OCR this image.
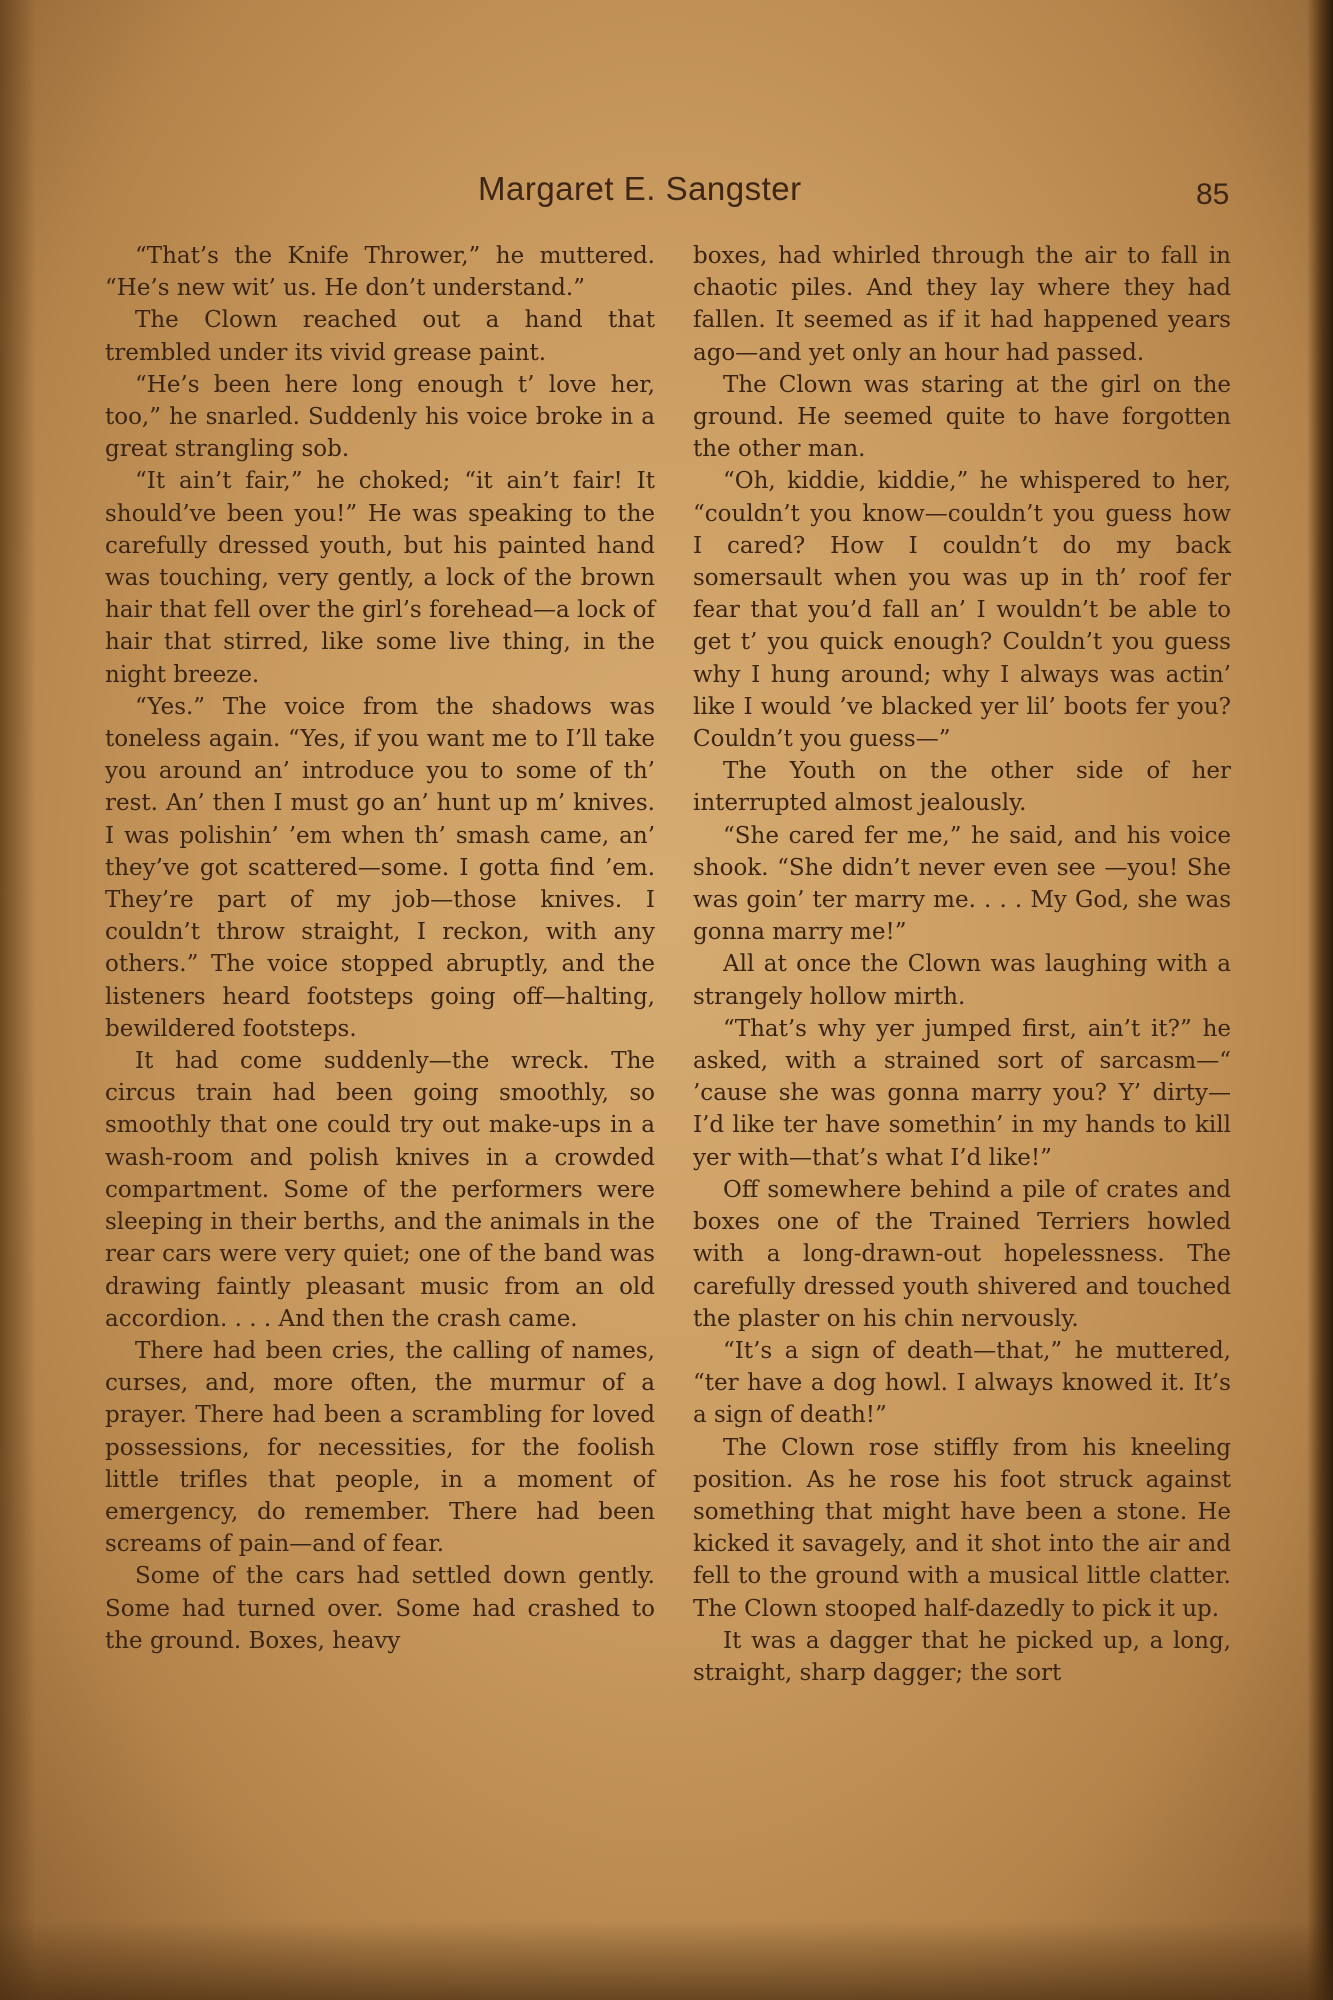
Margaret E. Sangster	85

“That’s the Knife Thrower,” he muttered. “He’s new wit’ us. He don’t understand.”

The Clown reached out a hand that trembled under its vivid grease paint.

“He’s been here long enough t’ love her, too,” he snarled. Suddenly his voice broke in a great strangling sob.

“It ain’t fair,” he choked; “it ain’t fair! It should’ve been you!” He was speaking to the carefully dressed youth, but his painted hand was touching, very gently, a lock of the brown hair that fell over the girl’s forehead—a lock of hair that stirred, like some live thing, in the night breeze.

“Yes.” The voice from the shadows was toneless again. “Yes, if you want me to I’ll take you around an’ introduce you to some of th’ rest. An’ then I must go an’ hunt up m’ knives. I was polishin’ ’em when th’ smash came, an’ they’ve got scattered—some. I gotta find ’em. They’re part of my job—those knives. I couldn’t throw straight, I reckon, with any others.” The voice stopped abruptly, and the listeners heard footsteps going off—halting, bewildered footsteps.

It had come suddenly—the wreck. The circus train had been going smoothly, so smoothly that one could try out make-ups in a wash-room and polish knives in a crowded compartment. Some of the performers were sleeping in their berths, and the animals in the rear cars were very quiet; one of the band was drawing faintly pleasant music from an old accordion. . . . And then the crash came.

There had been cries, the calling of names, curses, and, more often, the murmur of a prayer. There had been a scrambling for loved possessions, for necessities, for the foolish little trifles that people, in a moment of emergency, do remember. There had been screams of pain—and of fear.

Some of the cars had settled down gently. Some had turned over. Some had crashed to the ground. Boxes, heavy

boxes, had whirled through the air to fall in chaotic piles. And they lay where they had fallen. It seemed as if it had happened years ago—and yet only an hour had passed.

The Clown was staring at the girl on the ground. He seemed quite to have forgotten the other man.

“Oh, kiddie, kiddie,” he whispered to her, “couldn’t you know—couldn’t you guess how I cared? How I couldn’t do my back somersault when you was up in th’ roof fer fear that you’d fall an’ I wouldn’t be able to get t’ you quick enough? Couldn’t you guess why I hung around; why I always was actin’ like I would ’ve blacked yer lil’ boots fer you? Couldn’t you guess—”

The Youth on the other side of her interrupted almost jealously.

“She cared fer me,” he said, and his voice shook. “She didn’t never even see —you! She was goin’ ter marry me. . . . My God, she was gonna marry me!”

All at once the Clown was laughing with a strangely hollow mirth.

“That’s why yer jumped first, ain’t it?” he asked, with a strained sort of sarcasm—“ ’cause she was gonna marry you? Y’ dirty— I’d like ter have somethin’ in my hands to kill yer with—that’s what I’d like!”

Off somewhere behind a pile of crates and boxes one of the Trained Terriers howled with a long-drawn-out hopelessness. The carefully dressed youth shivered and touched the plaster on his chin nervously.

“It’s a sign of death—that,” he muttered, “ter have a dog howl. I always knowed it. It’s a sign of death!”

The Clown rose stiffly from his kneeling position. As he rose his foot struck against something that might have been a stone. He kicked it savagely, and it shot into the air and fell to the ground with a musical little clatter. The Clown stooped half-dazedly to pick it up.

It was a dagger that he picked up, a long, straight, sharp dagger; the sort
